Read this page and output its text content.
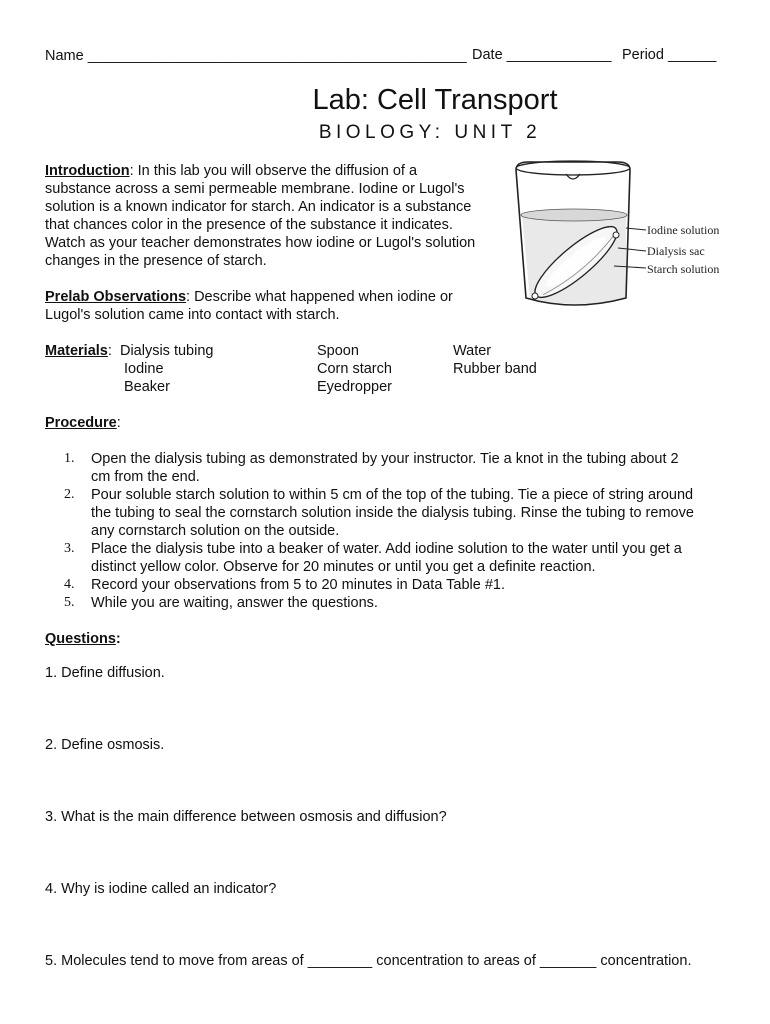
Name _______________________________________________ Date _____________ Period ______
Lab: Cell Transport
BIOLOGY: UNIT 2
Introduction: In this lab you will observe the diffusion of a
substance across a semi permeable membrane. Iodine or Lugol's
solution is a known indicator for starch. An indicator is a substance
that chances color in the presence of the substance it indicates.
Watch as your teacher demonstrates how iodine or Lugol's solution
changes in the presence of starch.
Prelab Observations: Describe what happened when iodine or
Lugol's solution came into contact with starch.
Iodine solution
Dialysis sac
Starch solution
Materials:  Dialysis tubing
Iodine
Beaker
Spoon
Corn starch
Eyedropper
Water
Rubber band
Procedure:
1. Open the dialysis tubing as demonstrated by your instructor. Tie a knot in the tubing about 2
cm from the end.
2. Pour soluble starch solution to within 5 cm of the top of the tubing. Tie a piece of string around
the tubing to seal the cornstarch solution inside the dialysis tubing. Rinse the tubing to remove
any cornstarch solution on the outside.
3. Place the dialysis tube into a beaker of water. Add iodine solution to the water until you get a
distinct yellow color. Observe for 20 minutes or until you get a definite reaction.
4. Record your observations from 5 to 20 minutes in Data Table #1.
5. While you are waiting, answer the questions.
Questions:
1. Define diffusion.
2. Define osmosis.
3. What is the main difference between osmosis and diffusion?
4. Why is iodine called an indicator?
5. Molecules tend to move from areas of ________ concentration to areas of _______ concentration.
